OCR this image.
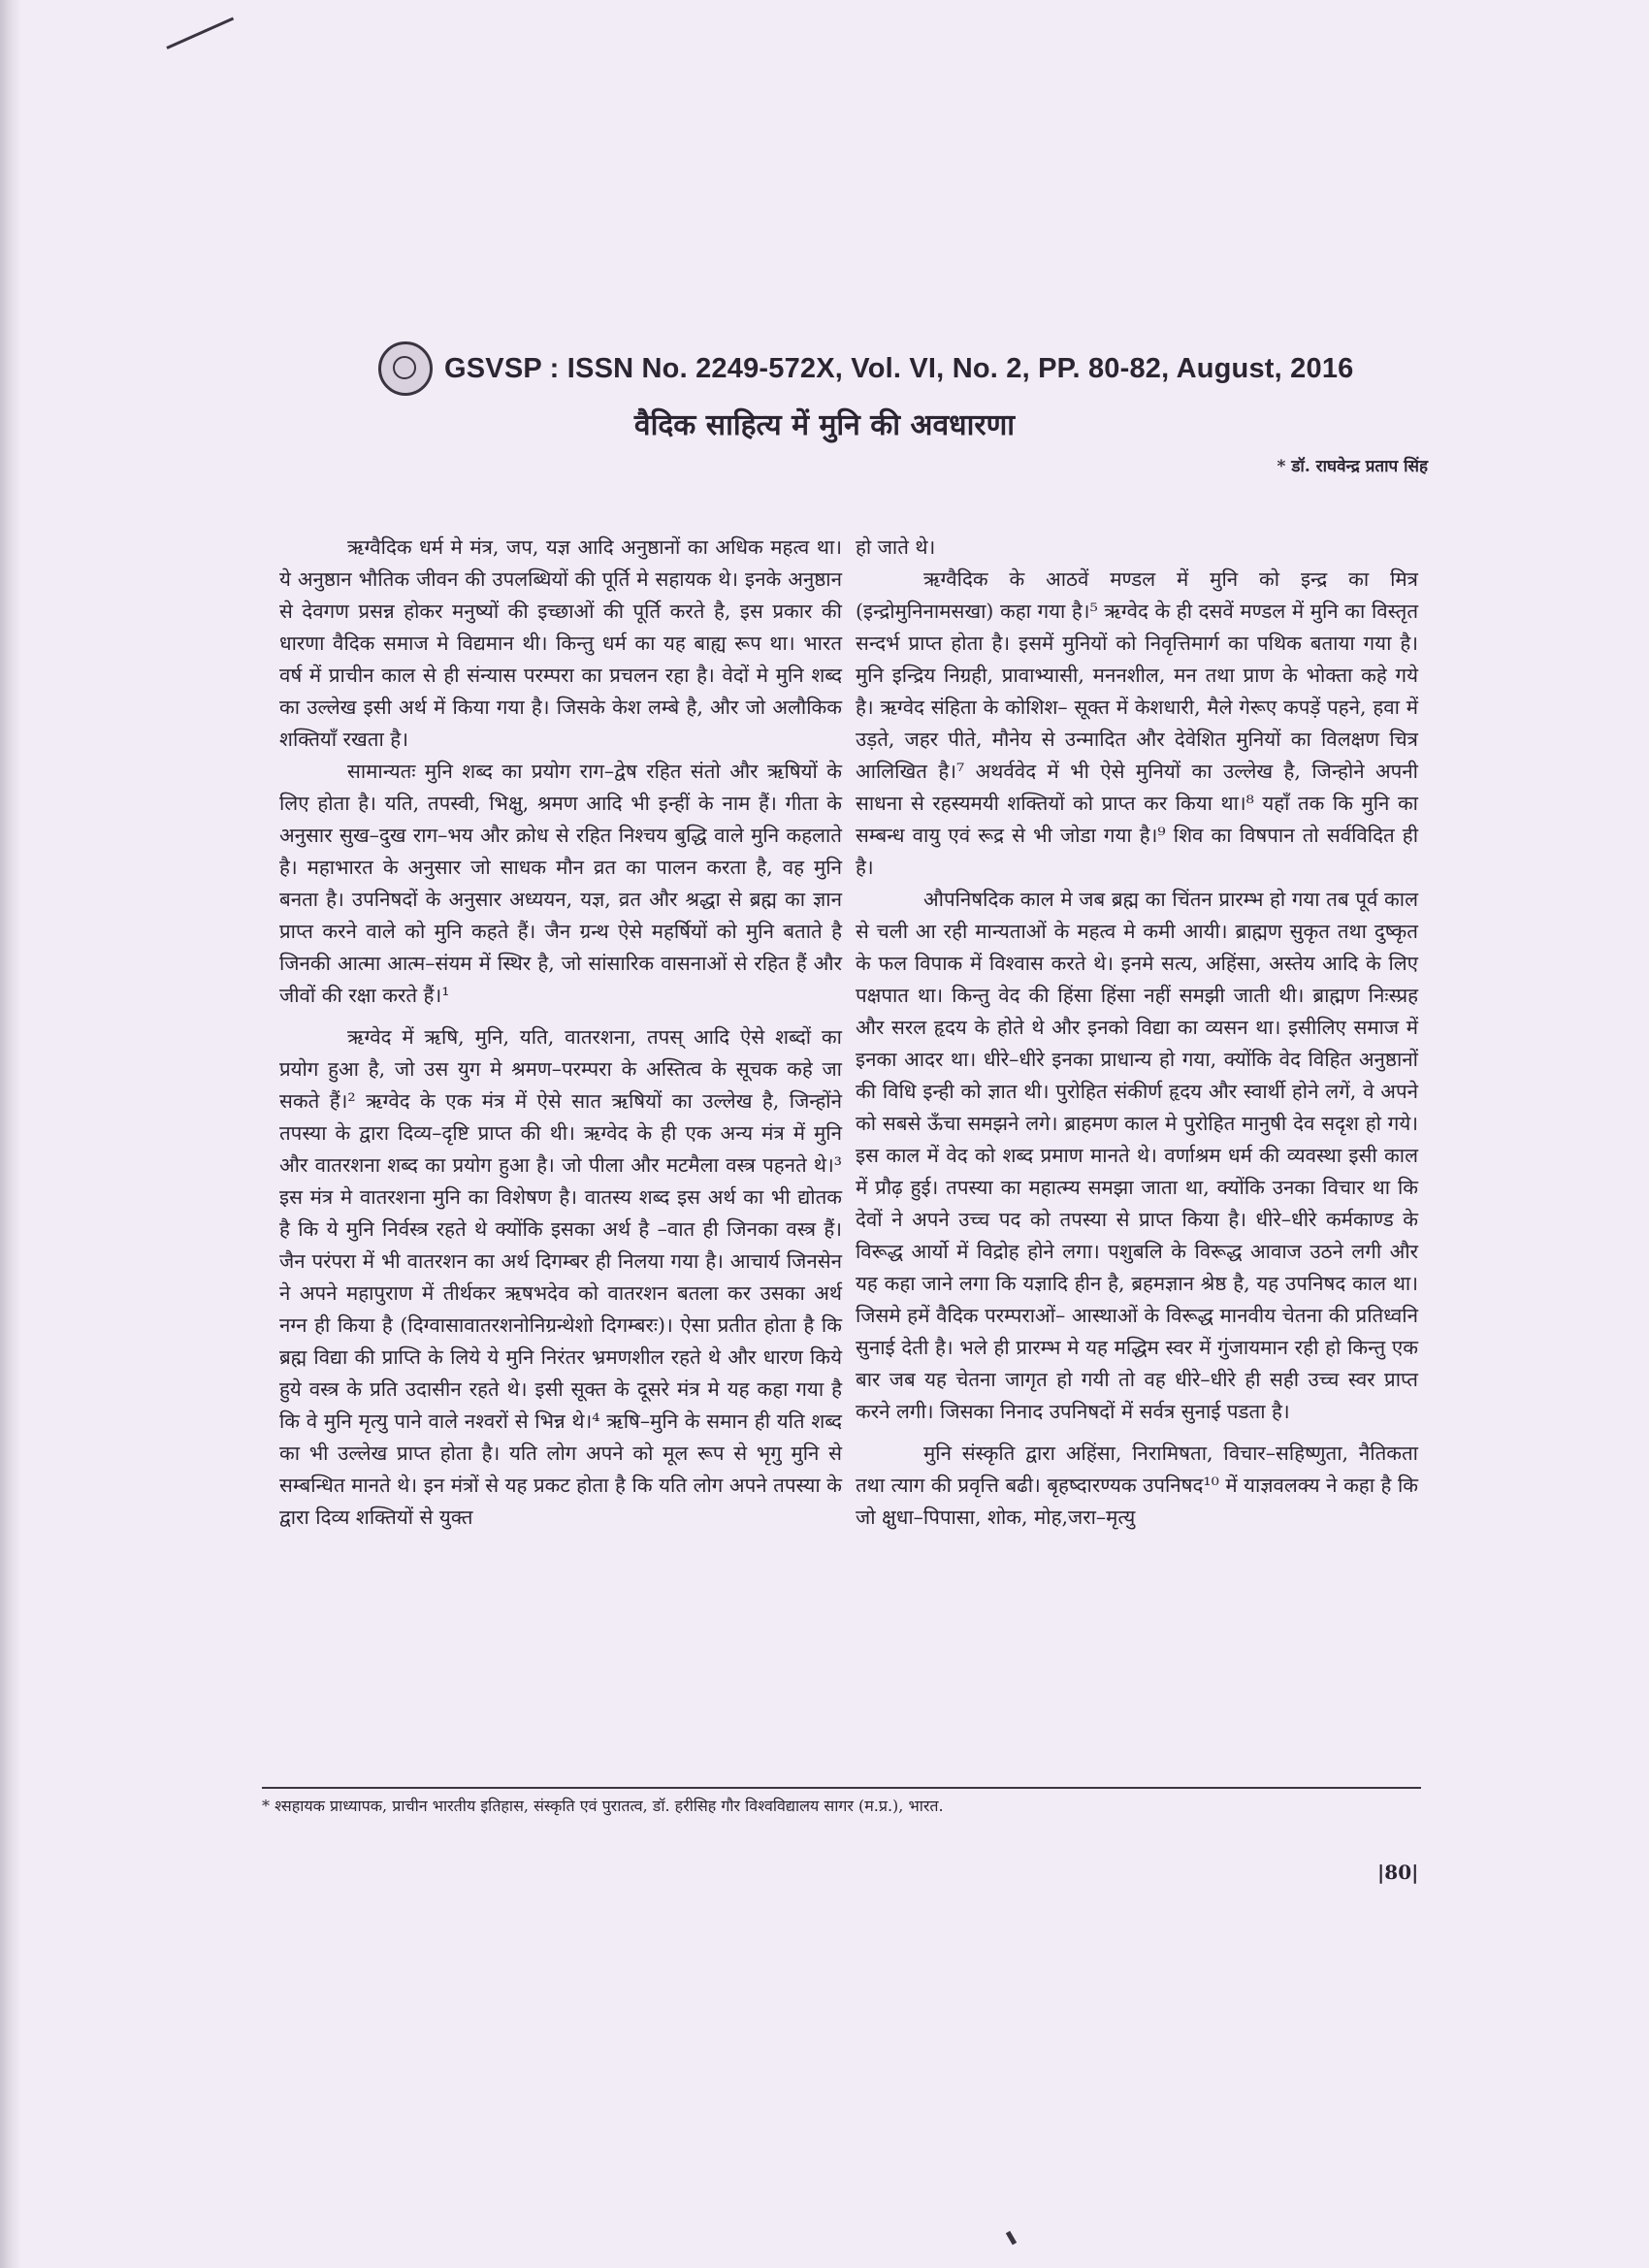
GSVSP : ISSN No. 2249-572X, Vol. VI, No. 2, PP. 80-82, August, 2016
वैदिक साहित्य में मुनि की अवधारणा
* डॉ. राघवेन्द्र प्रताप सिंह

ऋग्वैदिक धर्म मे मंत्र, जप, यज्ञ आदि अनुष्ठानों का अधिक महत्व था। ये अनुष्ठान भौतिक जीवन की उपलब्धियों की पूर्ति मे सहायक थे। इनके अनुष्ठान से देवगण प्रसन्न होकर मनुष्यों की इच्छाओं की पूर्ति करते है, इस प्रकार की धारणा वैदिक समाज मे विद्यमान थी। किन्तु धर्म का यह बाह्य रूप था। भारत वर्ष में प्राचीन काल से ही संन्यास परम्परा का प्रचलन रहा है। वेदों मे मुनि शब्द का उल्लेख इसी अर्थ में किया गया है। जिसके केश लम्बे है, और जो अलौकिक शक्तियाँ रखता है।

सामान्यतः मुनि शब्द का प्रयोग राग–द्वेष रहित संतो और ऋषियों के लिए होता है। यति, तपस्वी, भिक्षु, श्रमण आदि भी इन्हीं के नाम हैं। गीता के अनुसार सुख–दुख राग–भय और क्रोध से रहित निश्चय बुद्धि वाले मुनि कहलाते है। महाभारत के अनुसार जो साधक मौन व्रत का पालन करता है, वह मुनि बनता है। उपनिषदों के अनुसार अध्ययन, यज्ञ, व्रत और श्रद्धा से ब्रह्म का ज्ञान प्राप्त करने वाले को मुनि कहते हैं। जैन ग्रन्थ ऐसे महर्षियों को मुनि बताते है जिनकी आत्मा आत्म–संयम में स्थिर है, जो सांसारिक वासनाओं से रहित हैं और जीवों की रक्षा करते हैं।¹

ऋग्वेद में ऋषि, मुनि, यति, वातरशना, तपस् आदि ऐसे शब्दों का प्रयोग हुआ है, जो उस युग मे श्रमण–परम्परा के अस्तित्व के सूचक कहे जा सकते हैं।² ऋग्वेद के एक मंत्र में ऐसे सात ऋषियों का उल्लेख है, जिन्होंने तपस्या के द्वारा दिव्य–दृष्टि प्राप्त की थी। ऋग्वेद के ही एक अन्य मंत्र में मुनि और वातरशना शब्द का प्रयोग हुआ है। जो पीला और मटमैला वस्त्र पहनते थे।³ इस मंत्र मे वातरशना मुनि का विशेषण है। वातस्य शब्द इस अर्थ का भी द्योतक है कि ये मुनि निर्वस्त्र रहते थे क्योंकि इसका अर्थ है –वात ही जिनका वस्त्र हैं। जैन परंपरा में भी वातरशन का अर्थ दिगम्बर ही निलया गया है। आचार्य जिनसेन ने अपने महापुराण में तीर्थकर ऋषभदेव को वातरशन बतला कर उसका अर्थ नग्न ही किया है (दिग्वासावातरशनोनिग्रन्थेशो दिगम्बरः)। ऐसा प्रतीत होता है कि ब्रह्म विद्या की प्राप्ति के लिये ये मुनि निरंतर भ्रमणशील रहते थे और धारण किये हुये वस्त्र के प्रति उदासीन रहते थे। इसी सूक्त के दूसरे मंत्र मे यह कहा गया है कि वे मुनि मृत्यु पाने वाले नश्वरों से भिन्न थे।⁴ ऋषि–मुनि के समान ही यति शब्द का भी उल्लेख प्राप्त होता है। यति लोग अपने को मूल रूप से भृगु मुनि से सम्बन्धित मानते थे। इन मंत्रों से यह प्रकट होता है कि यति लोग अपने तपस्या के द्वारा दिव्य शक्तियों से युक्त

हो जाते थे।

ऋग्वैदिक के आठवें मण्डल में मुनि को इन्द्र का मित्र (इन्द्रोमुनिनामसखा) कहा गया है।⁵ ऋग्वेद के ही दसवें मण्डल में मुनि का विस्तृत सन्दर्भ प्राप्त होता है। इसमें मुनियों को निवृत्तिमार्ग का पथिक बताया गया है। मुनि इन्द्रिय निग्रही, प्रावाभ्यासी, मननशील, मन तथा प्राण के भोक्ता कहे गये है। ऋग्वेद संहिता के कोशिश– सूक्त में केशधारी, मैले गेरूए कपड़ें पहने, हवा में उड़ते, जहर पीते, मौनेय से उन्मादित और देवेशित मुनियों का विलक्षण चित्र आलिखित है।⁷ अथर्ववेद में भी ऐसे मुनियों का उल्लेख है, जिन्होने अपनी साधना से रहस्यमयी शक्तियों को प्राप्त कर किया था।⁸ यहाँ तक कि मुनि का सम्बन्ध वायु एवं रूद्र से भी जोडा गया है।⁹ शिव का विषपान तो सर्वविदित ही है।

औपनिषदिक काल मे जब ब्रह्म का चिंतन प्रारम्भ हो गया तब पूर्व काल से चली आ रही मान्यताओं के महत्व मे कमी आयी। ब्राह्मण सुकृत तथा दुष्कृत के फल विपाक में विश्वास करते थे। इनमे सत्य, अहिंसा, अस्तेय आदि के लिए पक्षपात था। किन्तु वेद की हिंसा हिंसा नहीं समझी जाती थी। ब्राह्मण निःस्प्रह और सरल हृदय के होते थे और इनको विद्या का व्यसन था। इसीलिए समाज में इनका आदर था। धीरे–धीरे इनका प्राधान्य हो गया, क्योंकि वेद विहित अनुष्ठानों की विधि इन्ही को ज्ञात थी। पुरोहित संकीर्ण हृदय और स्वार्थी होने लगें, वे अपने को सबसे ऊँचा समझने लगे। ब्राहमण काल मे पुरोहित मानुषी देव सदृश हो गये। इस काल में वेद को शब्द प्रमाण मानते थे। वर्णाश्रम धर्म की व्यवस्था इसी काल में प्रौढ़ हुई। तपस्या का महात्म्य समझा जाता था, क्योंकि उनका विचार था कि देवों ने अपने उच्च पद को तपस्या से प्राप्त किया है। धीरे–धीरे कर्मकाण्ड के विरूद्ध आर्यो में विद्रोह होने लगा। पशुबलि के विरूद्ध आवाज उठने लगी और यह कहा जाने लगा कि यज्ञादि हीन है, ब्रहमज्ञान श्रेष्ठ है, यह उपनिषद काल था। जिसमे हमें वैदिक परम्पराओं– आस्थाओं के विरूद्ध मानवीय चेतना की प्रतिध्वनि सुनाई देती है। भले ही प्रारम्भ मे यह मद्धिम स्वर में गुंजायमान रही हो किन्तु एक बार जब यह चेतना जागृत हो गयी तो वह धीरे–धीरे ही सही उच्च स्वर प्राप्त करने लगी। जिसका निनाद उपनिषदों में सर्वत्र सुनाई पडता है।

मुनि संस्कृति द्वारा अहिंसा, निरामिषता, विचार–सहिष्णुता, नैतिकता तथा त्याग की प्रवृत्ति बढी। बृहष्दारण्यक उपनिषद¹⁰ में याज्ञवलक्य ने कहा है कि जो क्षुधा–पिपासा, शोक, मोह,जरा–मृत्यु

* श्सहायक प्राध्यापक, प्राचीन भारतीय इतिहास, संस्कृति एवं पुरातत्व, डॉ. हरीसिह गौर विश्वविद्यालय सागर (म.प्र.), भारत.
|80|
